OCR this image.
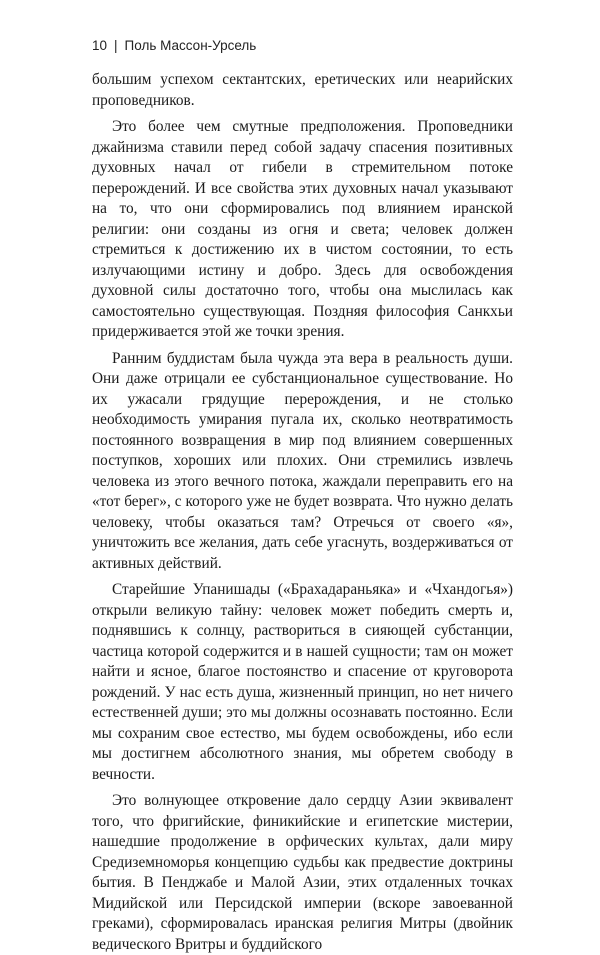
10 | Поль Массон-Урсель

большим успехом сектантских, еретических или неарийских проповедников.

Это более чем смутные предположения. Проповедники джайнизма ставили перед собой задачу спасения позитивных духовных начал от гибели в стремительном потоке перерождений. И все свойства этих духовных начал указывают на то, что они сформировались под влиянием иранской религии: они созданы из огня и света; человек должен стремиться к достижению их в чистом состоянии, то есть излучающими истину и добро. Здесь для освобождения духовной силы достаточно того, чтобы она мыслилась как самостоятельно существующая. Поздняя философия Санкхьи придерживается этой же точки зрения.

Ранним буддистам была чужда эта вера в реальность души. Они даже отрицали ее субстанциональное существование. Но их ужасали грядущие перерождения, и не столько необходимость умирания пугала их, сколько неотвратимость постоянного возвращения в мир под влиянием совершенных поступков, хороших или плохих. Они стремились извлечь человека из этого вечного потока, жаждали переправить его на «тот берег», с которого уже не будет возврата. Что нужно делать человеку, чтобы оказаться там? Отречься от своего «я», уничтожить все желания, дать себе угаснуть, воздерживаться от активных действий.

Старейшие Упанишады («Брахадараньяка» и «Чхандогья») открыли великую тайну: человек может победить смерть и, поднявшись к солнцу, раствориться в сияющей субстанции, частица которой содержится и в нашей сущности; там он может найти и ясное, благое постоянство и спасение от круговорота рождений. У нас есть душа, жизненный принцип, но нет ничего естественней души; это мы должны осознавать постоянно. Если мы сохраним свое естество, мы будем освобождены, ибо если мы достигнем абсолютного знания, мы обретем свободу в вечности.

Это волнующее откровение дало сердцу Азии эквивалент того, что фригийские, финикийские и египетские мистерии, нашедшие продолжение в орфических культах, дали миру Средиземноморья концепцию судьбы как предвестие доктрины бытия. В Пенджабе и Малой Азии, этих отдаленных точках Мидийской или Персидской империи (вскоре завоеванной греками), сформировалась иранская религия Митры (двойник ведического Вритры и буддийского
